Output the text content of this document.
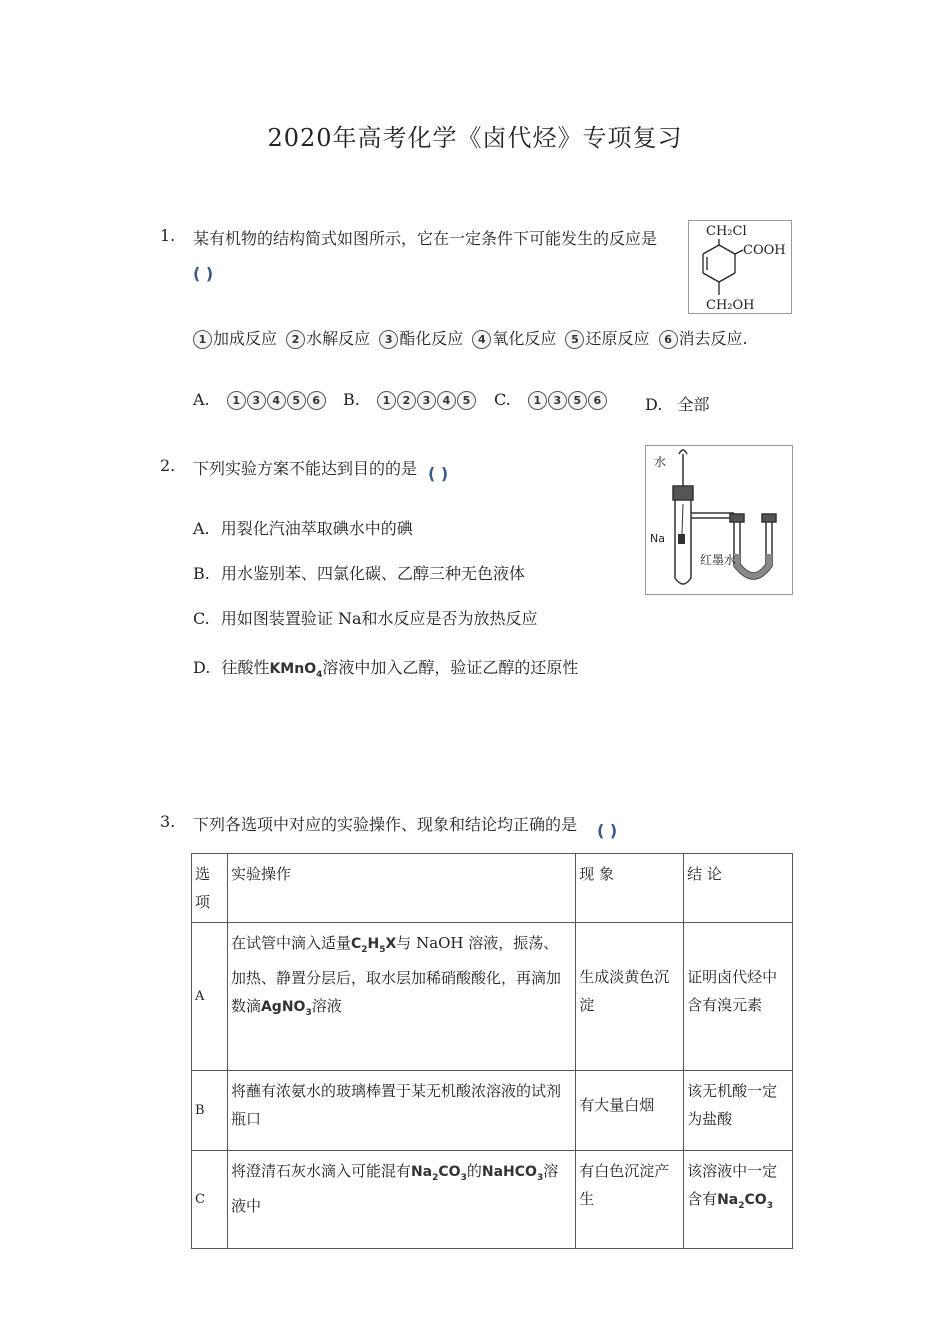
2020年高考化学《卤代烃》专项复习
1. 某有机物的结构简式如图所示，它在一定条件下可能发生的反应是
( )
CH₂Cl
COOH
CH₂OH
1 加成反应 2 水解反应 3 酯化反应 4 氧化反应 5 还原反应 6 消去反应.
A. 1 3 4 5 6	B. 1 2 3 4 5	C. 1 3 5 6	D. 全部
2. 下列实验方案不能达到目的的是 ( )
水
Na
红墨水
A. 用裂化汽油萃取碘水中的碘
B. 用水鉴别苯、四氯化碳、乙醇三种无色液体
C. 用如图装置验证 Na和水反应是否为放热反应
D. 往酸性KMnO$_4$溶液中加入乙醇，验证乙醇的还原性
3. 下列各选项中对应的实验操作、现象和结论均正确的是 ( )
选项	实验操作	现 象	结 论
A	在试管中滴入适量$C_2H_5X$与 NaOH 溶液，振荡、加热、静置分层后，取水层加稀硝酸酸化，再滴加数滴AgNO$_3$溶液	生成淡黄色沉淀	证明卤代烃中含有溴元素
B	将蘸有浓氨水的玻璃棒置于某无机酸浓溶液的试剂瓶口	有大量白烟	该无机酸一定为盐酸
C	将澄清石灰水滴入可能混有$Na_2CO_3$的NaHCO$_3$溶液中	有白色沉淀产生	该溶液中一定含有$Na_2CO_3$
